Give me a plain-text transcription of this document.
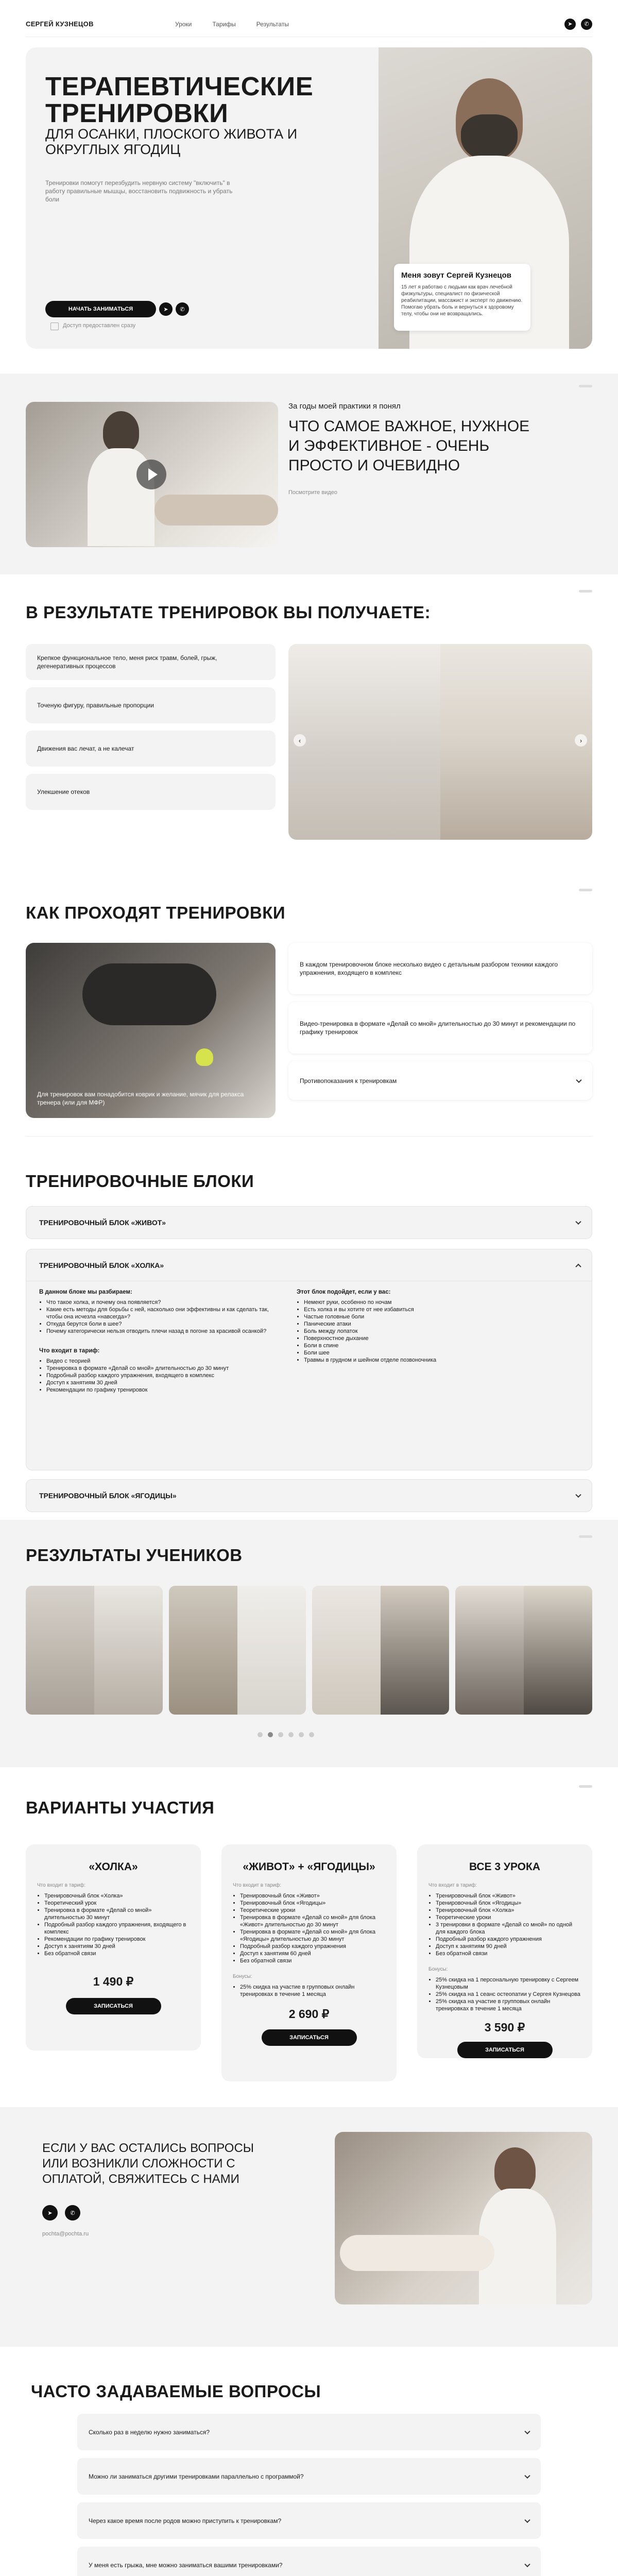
СЕРГЕЙ КУЗНЕЦОВ	Уроки	Тарифы	Результаты	➤	✆
ТЕРАПЕВТИЧЕСКИЕ ТРЕНИРОВКИ
ДЛЯ ОСАНКИ, ПЛОСКОГО ЖИВОТА И ОКРУГЛЫХ ЯГОДИЦ
Тренировки помогут перезбудить нервную систему "включить" в работу правильные мышцы, восстановить подвижность и убрать боли
НАЧАТЬ ЗАНИМАТЬСЯ	➤	✆
Доступ предоставлен сразу
Меня зовут Сергей Кузнецов
15 лет я работаю с людьми как врач лечебной физкультуры, специалист по физической реабилитации, массажист и эксперт по движению. Помогаю убрать боль и вернуться к здоровому телу, чтобы они не возвращались.
За годы моей практики я понял
ЧТО САМОЕ ВАЖНОЕ, НУЖНОЕ И ЭФФЕКТИВНОЕ - ОЧЕНЬ ПРОСТО И ОЧЕВИДНО
Посмотрите видео
В РЕЗУЛЬТАТЕ ТРЕНИРОВОК ВЫ ПОЛУЧАЕТЕ:
Крепкое функциональное тело, меня риск травм, болей, грыж, дегенеративных процессов
Точеную фигуру, правильные пропорции
Движения вас лечат, а не калечат
Улекшение отеков
‹	›
КАК ПРОХОДЯТ ТРЕНИРОВКИ
Для тренировок вам понадобится коврик и желание, мячик для релакса тренера (или для МФР)
В каждом тренировочном блоке несколько видео с детальным разбором техники каждого упражнения, входящего в комплекс
Видео-тренировка в формате «Делай со мной» длительностью до 30 минут и рекомендации по графику тренировок
Противопоказания к тренировкам
ТРЕНИРОВОЧНЫЕ БЛОКИ
ТРЕНИРОВОЧНЫЙ БЛОК «ЖИВОТ»
ТРЕНИРОВОЧНЫЙ БЛОК «ХОЛКА»
В данном блоке мы разбираем:
• Что такое холка, и почему она появляется?
• Какие есть методы для борьбы с ней, насколько они эффективны и как сделать так, чтобы она исчезла «навсегда»?
• Откуда берутся боли в шее?
• Почему категорически нельзя отводить плечи назад в погоне за красивой осанкой?
Что входит в тариф:
• Видео с теорией
• Тренировка в формате «Делай со мной» длительностью до 30 минут
• Подробный разбор каждого упражнения, входящего в комплекс
• Доступ к занятиям 30 дней
• Рекомендации по графику тренировок
Этот блок подойдет, если у вас:
• Немеют руки, особенно по ночам
• Есть холка и вы хотите от нее избавиться
• Частые головные боли
• Панические атаки
• Боль между лопаток
• Поверхностное дыхание
• Боли в спине
• Боли шее
• Травмы в грудном и шейном отделе позвоночника
ТРЕНИРОВОЧНЫЙ БЛОК «ЯГОДИЦЫ»
РЕЗУЛЬТАТЫ УЧЕНИКОВ
ВАРИАНТЫ УЧАСТИЯ
«ХОЛКА»
Что входит в тариф:
• Тренировочный блок «Холка»
• Теоретический урок
• Тренировка в формате «Делай со мной» длительностью 30 минут
• Подробный разбор каждого упражнения, входящего в комплекс
• Рекомендации по графику тренировок
• Доступ к занятиям 30 дней
• Без обратной связи
1 490 ₽
ЗАПИСАТЬСЯ
«ЖИВОТ» + «ЯГОДИЦЫ»
Что входит в тариф:
• Тренировочный блок «Живот»
• Тренировочный блок «Ягодицы»
• Теоретические уроки
• Тренировка в формате «Делай со мной» для блока «Живот» длительностью до 30 минут
• Тренировка в формате «Делай со мной» для блока «Ягодицы» длительностью до 30 минут
• Подробный разбор каждого упражнения
• Доступ к занятиям 60 дней
• Без обратной связи
Бонусы:
• 25% скидка на участие в групповых онлайн тренировках в течение 1 месяца
2 690 ₽
ЗАПИСАТЬСЯ
ВСЕ 3 УРОКА
Что входит в тариф:
• Тренировочный блок «Живот»
• Тренировочный блок «Ягодицы»
• Тренировочный блок «Холка»
• Теоретические уроки
• 3 тренировки в формате «Делай со мной» по одной для каждого блока
• Подробный разбор каждого упражнения
• Доступ к занятиям 90 дней
• Без обратной связи
Бонусы:
• 25% скидка на 1 персональную тренировку с Сергеем Кузнецовым
• 25% скидка на 1 сеанс остеопатии у Сергея Кузнецова
• 25% скидка на участие в групповых онлайн тренировках в течение 1 месяца
3 590 ₽
ЗАПИСАТЬСЯ
ЕСЛИ У ВАС ОСТАЛИСЬ ВОПРОСЫ ИЛИ ВОЗНИКЛИ СЛОЖНОСТИ С ОПЛАТОЙ, СВЯЖИТЕСЬ С НАМИ
➤	✆
pochta@pochta.ru
ЧАСТО ЗАДАВАЕМЫЕ ВОПРОСЫ
Сколько раз в неделю нужно заниматься?
Можно ли заниматься другими тренировками параллельно с программой?
Через какое время после родов можно приступить к тренировкам?
У меня есть грыжа, мне можно заниматься вашими тренировками?
